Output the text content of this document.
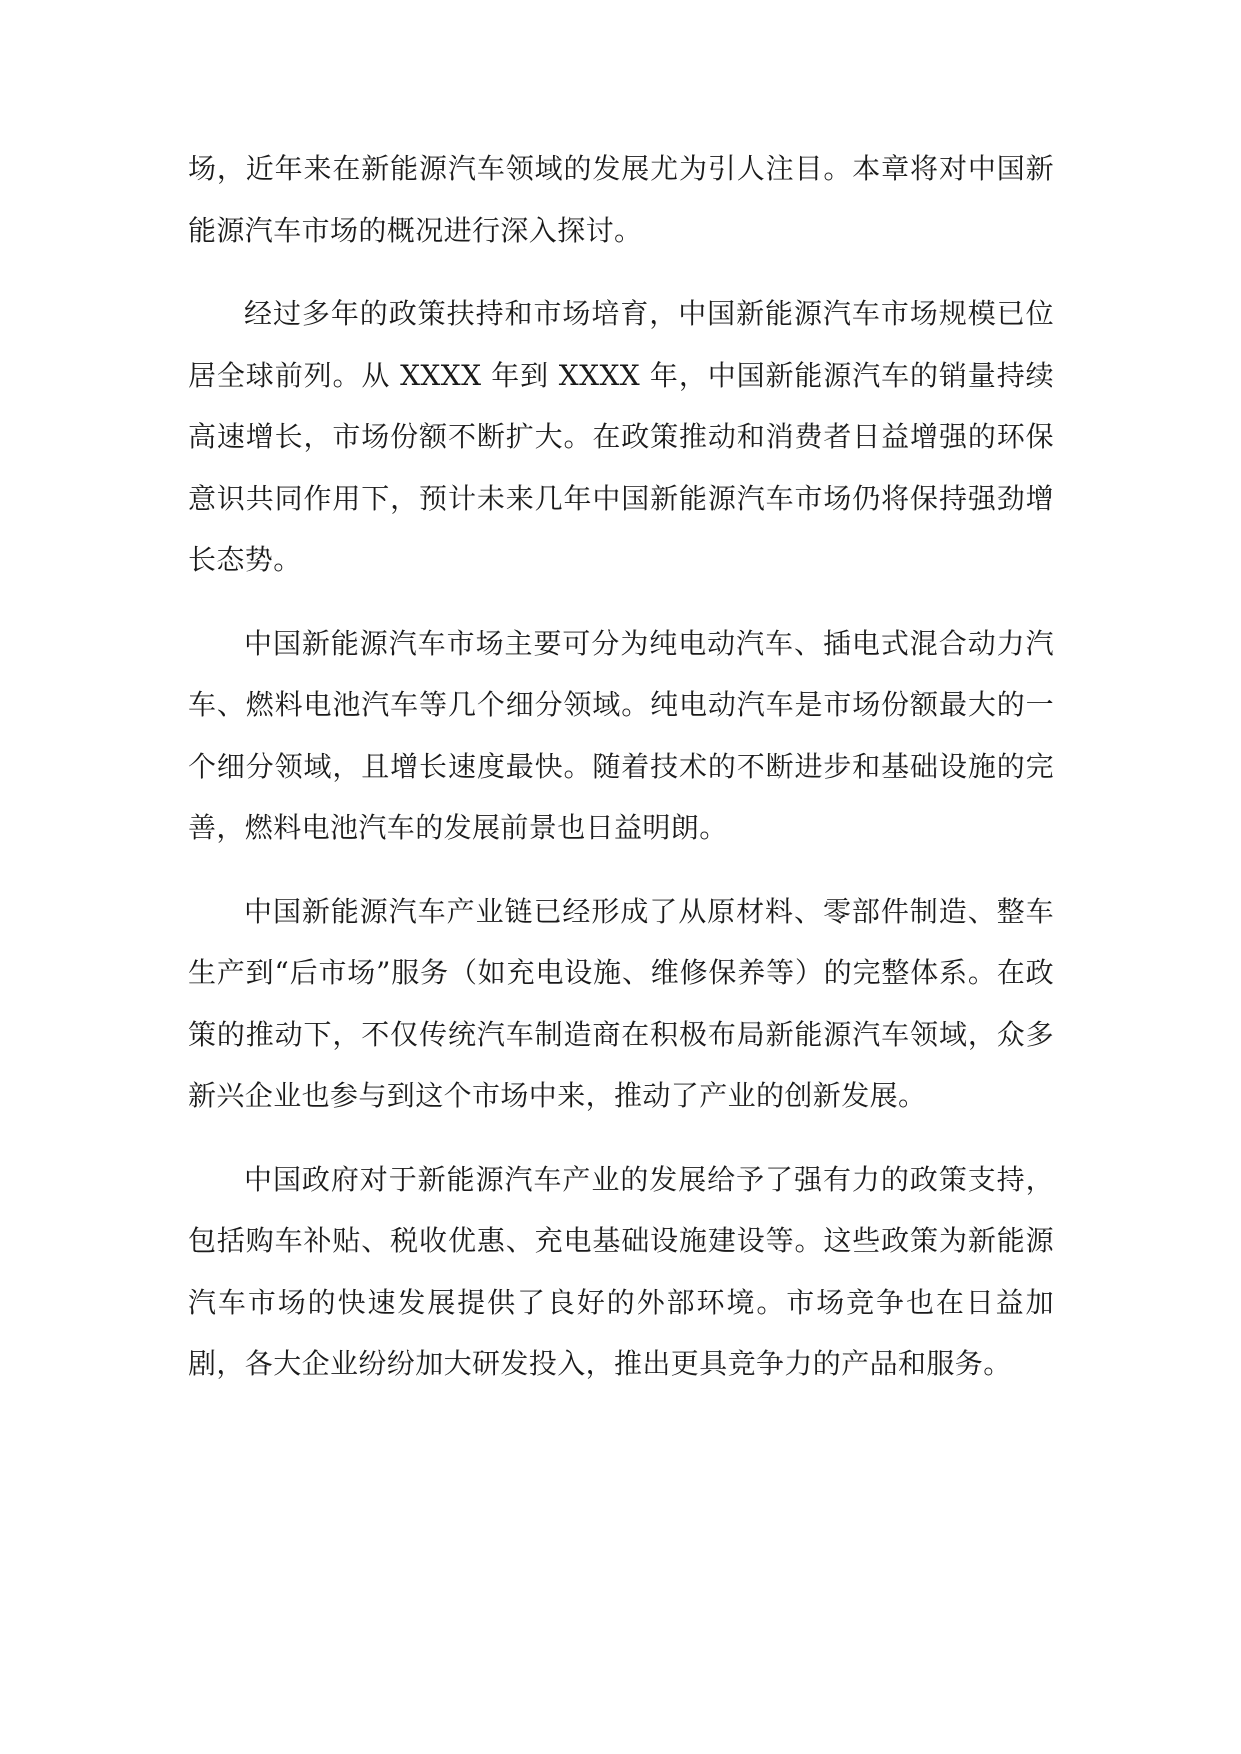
场，近年来在新能源汽车领域的发展尤为引人注目。本章将对中国新能源汽车市场的概况进行深入探讨。

经过多年的政策扶持和市场培育，中国新能源汽车市场规模已位居全球前列。从 XXXX 年到 XXXX 年，中国新能源汽车的销量持续高速增长，市场份额不断扩大。在政策推动和消费者日益增强的环保意识共同作用下，预计未来几年中国新能源汽车市场仍将保持强劲增长态势。

中国新能源汽车市场主要可分为纯电动汽车、插电式混合动力汽车、燃料电池汽车等几个细分领域。纯电动汽车是市场份额最大的一个细分领域，且增长速度最快。随着技术的不断进步和基础设施的完善，燃料电池汽车的发展前景也日益明朗。

中国新能源汽车产业链已经形成了从原材料、零部件制造、整车生产到“后市场”服务（如充电设施、维修保养等）的完整体系。在政策的推动下，不仅传统汽车制造商在积极布局新能源汽车领域，众多新兴企业也参与到这个市场中来，推动了产业的创新发展。

中国政府对于新能源汽车产业的发展给予了强有力的政策支持，包括购车补贴、税收优惠、充电基础设施建设等。这些政策为新能源汽车市场的快速发展提供了良好的外部环境。市场竞争也在日益加剧，各大企业纷纷加大研发投入，推出更具竞争力的产品和服务。
